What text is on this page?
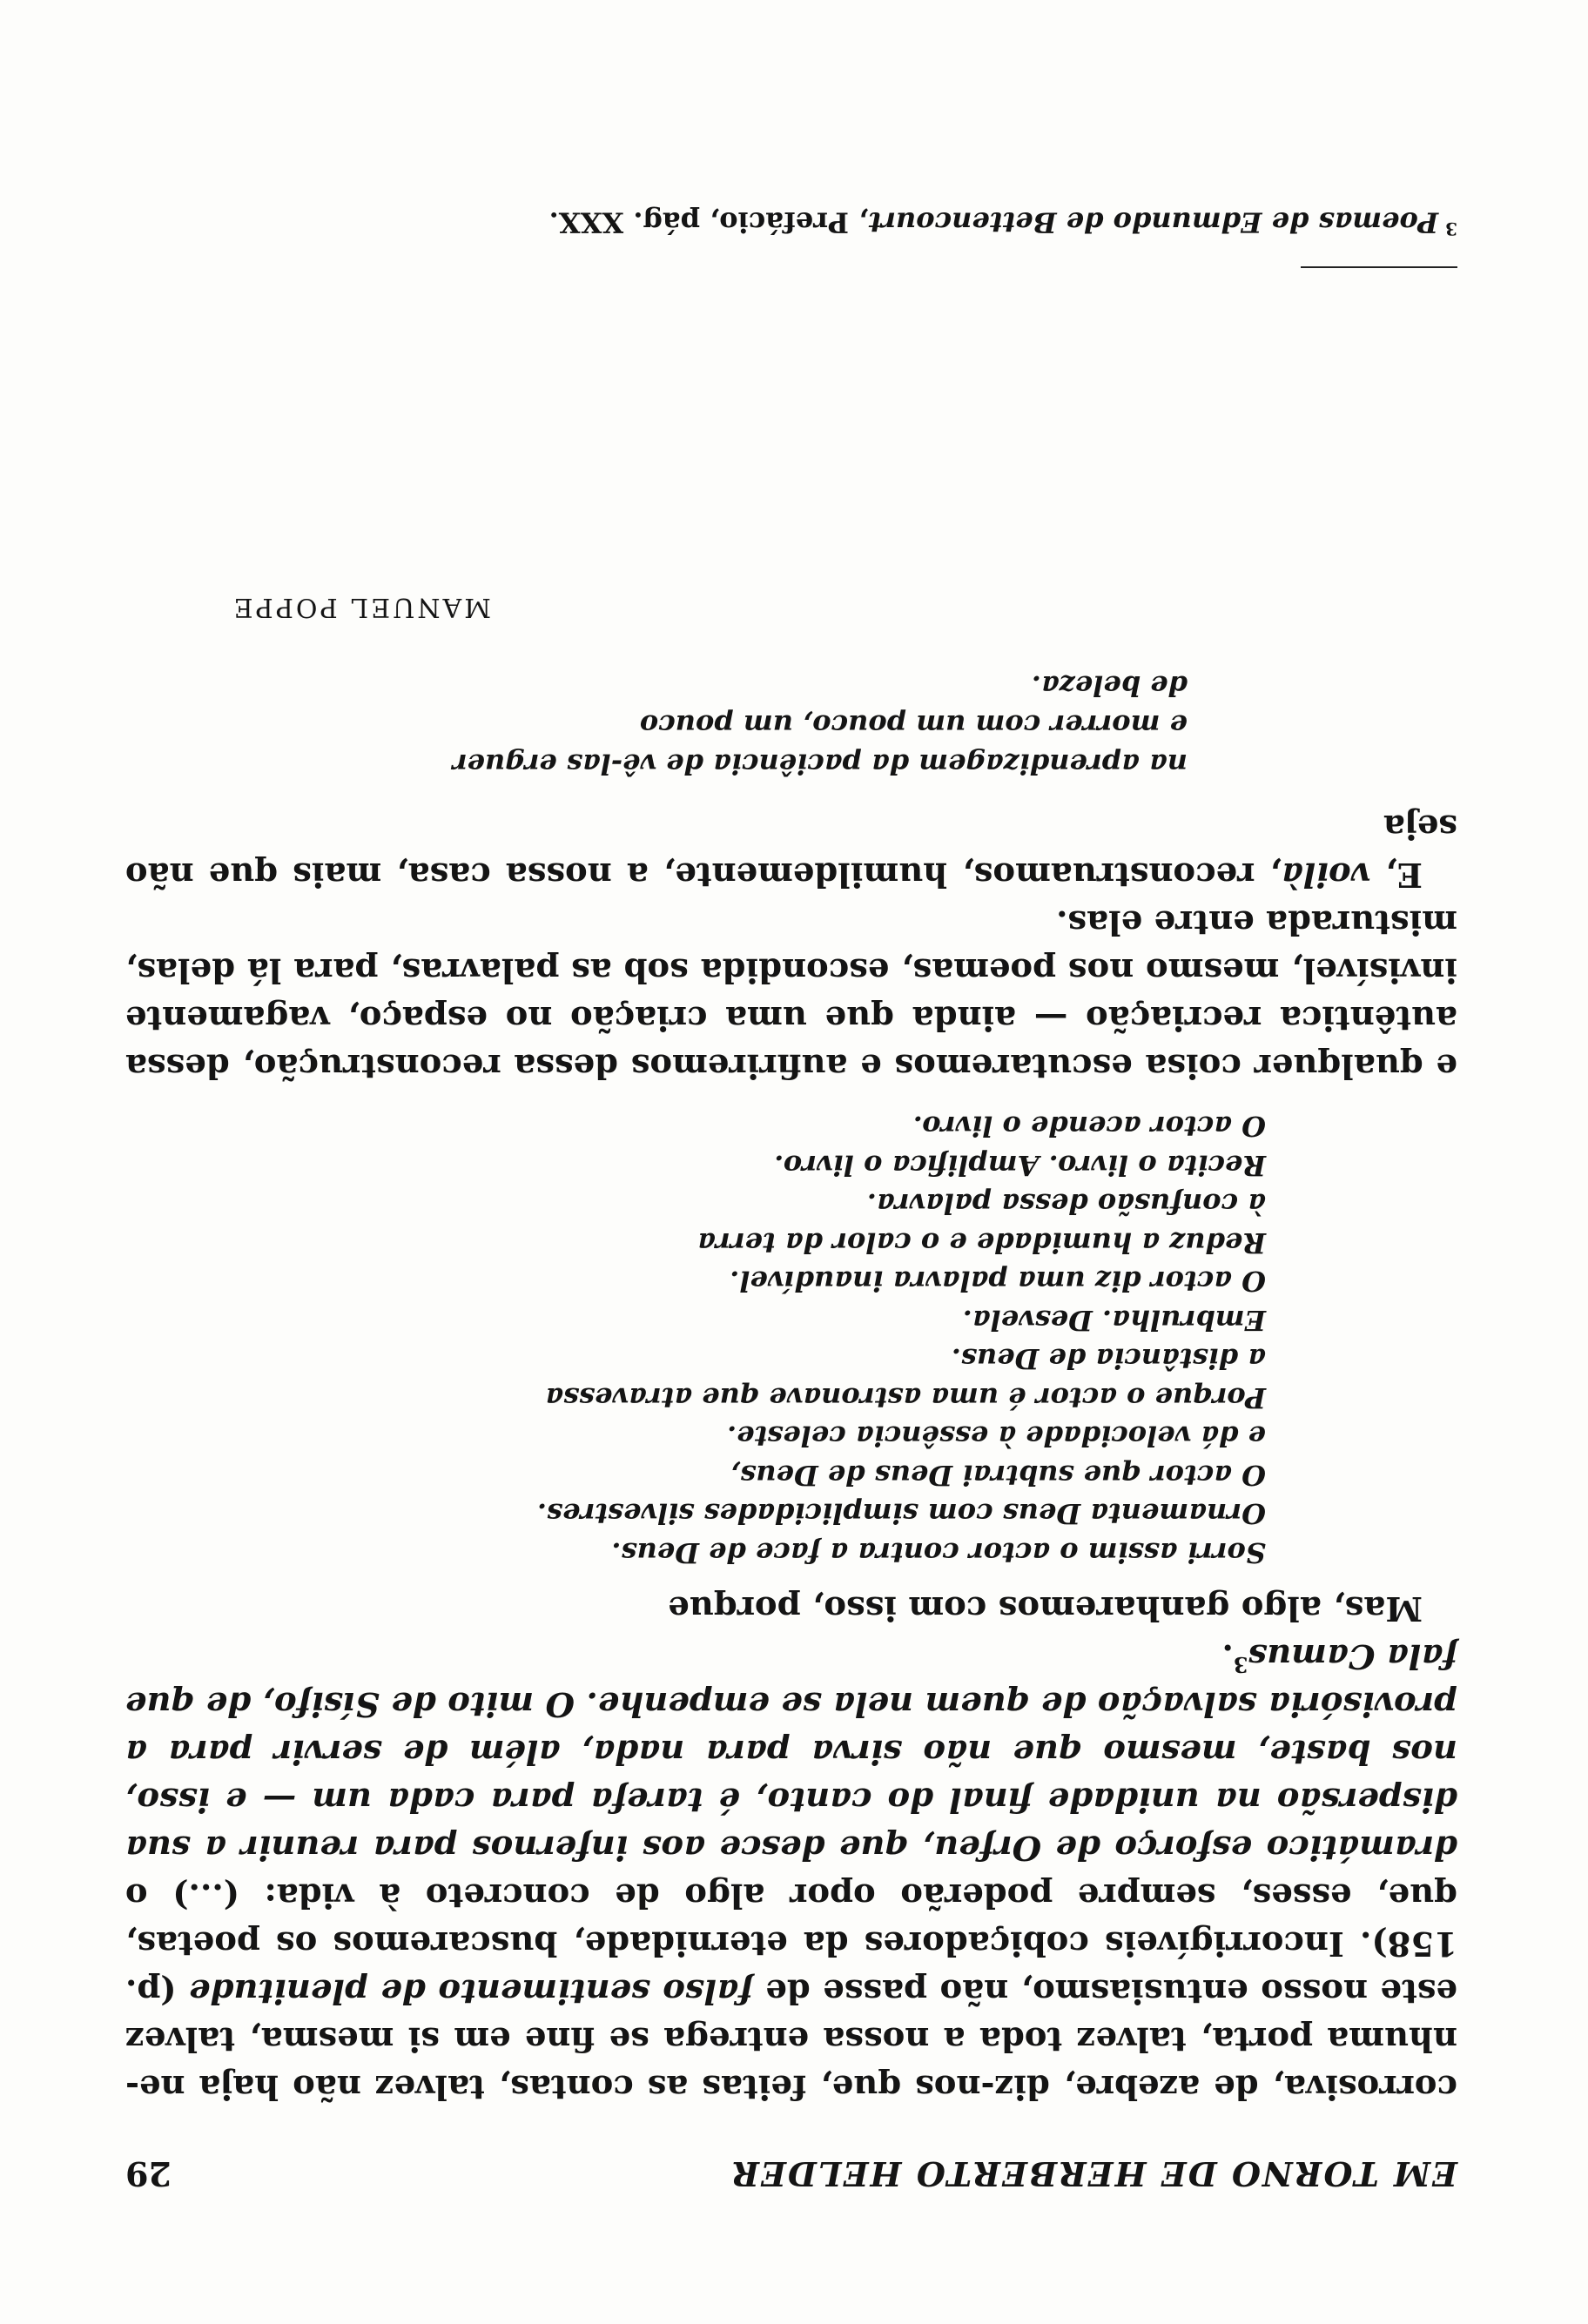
EM TORNO DE HERBERTO HELDER
29

corrosiva, de azebre, diz-nos que, feitas as contas, talvez não haja ne- nhuma porta, talvez toda a nossa entrega se fine em si mesma, talvez este nosso entusiasmo, não passe de falso sentimento de plenitude (p. 158). Incorrigíveis cobiçadores da eternidade, buscaremos os poetas, que, esses, sempre poderão opor algo de concreto à vida: (...) o dramático esforço de Orfeu, que desce aos infernos para reunir a sua dispersão na unidade final do canto, é tarefa para cada um — e isso, nos baste, mesmo que não sirva para nada, além de servir para a provisória salvação de quem nela se empenhe. O mito de Sísifo, de que fala Camus$^3$.

Mas, algo ganharemos com isso, porque

Sorri assim o actor contra a face de Deus.
Ornamenta Deus com simplicidades silvestres.
O actor que subtrai Deus de Deus,
e dá velocidade à essência celeste.
Porque o actor é uma astronave que atravessa
a distância de Deus.
Embrulha. Desvela.
O actor diz uma palavra inaudível.
Reduz a humidade e o calor da terra
à confusão dessa palavra.
Recita o livro. Amplifica o livro.
O actor acende o livro.

e qualquer coisa escutaremos e aufiriremos dessa reconstrução, dessa autêntica recriação — ainda que uma criação no espaço, vagamente invisível, mesmo nos poemas, escondida sob as palavras, para lá delas, misturada entre elas.

E, voilà, reconstruamos, humildemente, a nossa casa, mais que não seja

na aprendizagem da paciência de vê-las erguer
e morrer com um pouco, um pouco
de beleza.
MANUEL POPPE
$^3$Poemas de Edmundo de Bettencourt, Prefácio, pág. XXX.
